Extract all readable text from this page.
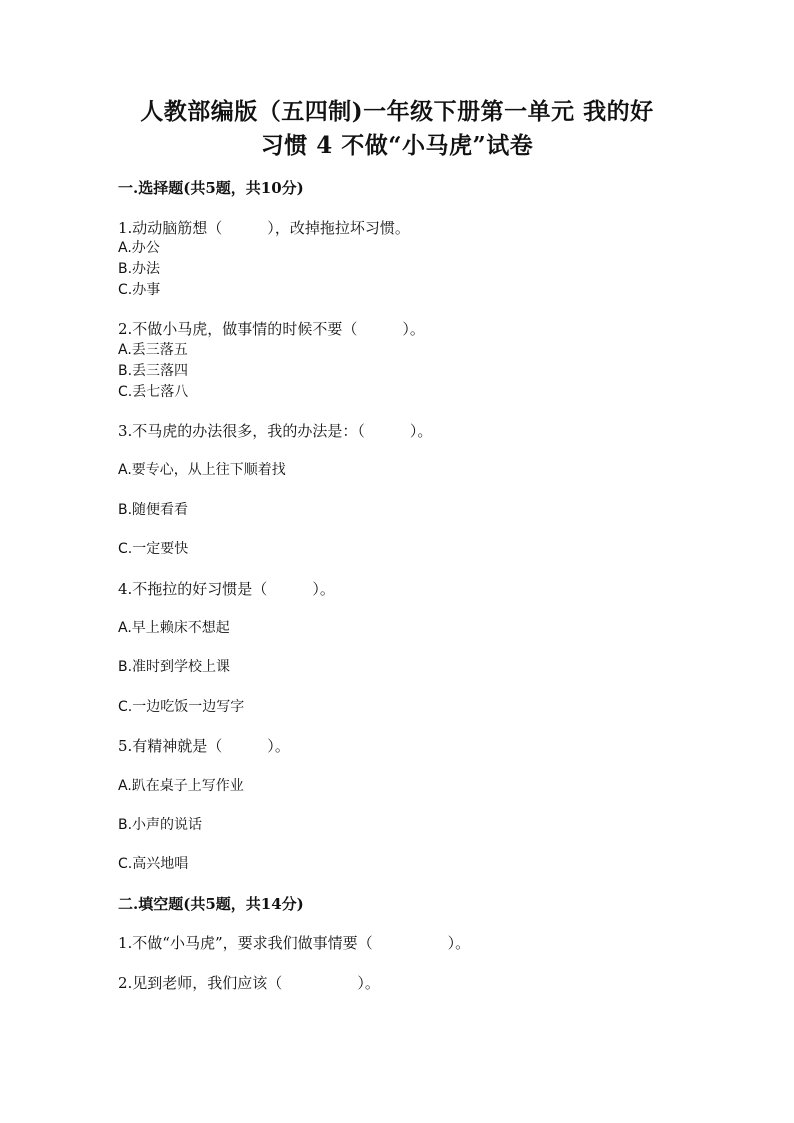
人教部编版（五四制)一年级下册第一单元 我的好
习惯 4 不做“小马虎”试卷
一.选择题(共5题，共10分)
1.动动脑筋想（　　　），改掉拖拉坏习惯。
A.办公
B.办法
C.办事
2.不做小马虎，做事情的时候不要（　　　）。
A.丢三落五
B.丢三落四
C.丢七落八
3.不马虎的办法很多，我的办法是：（　　　）。
A.要专心，从上往下顺着找
B.随便看看
C.一定要快
4.不拖拉的好习惯是（　　　）。
A.早上赖床不想起
B.准时到学校上课
C.一边吃饭一边写字
5.有精神就是（　　　）。
A.趴在桌子上写作业
B.小声的说话
C.高兴地唱
二.填空题(共5题，共14分)
1.不做“小马虎”，要求我们做事情要（　　　　　）。
2.见到老师，我们应该（　　　　　）。
